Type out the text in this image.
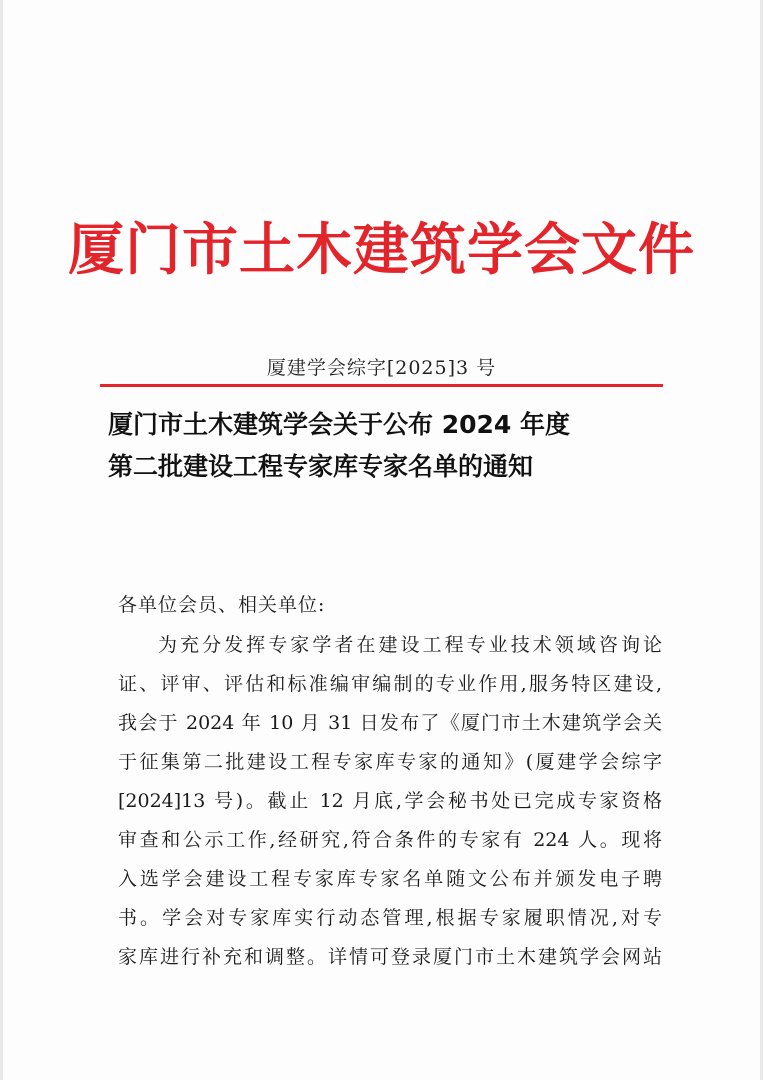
厦门市土木建筑学会文件
厦建学会综字[2025]3 号
厦门市土木建筑学会关于公布 2024 年度
第二批建设工程专家库专家名单的通知
各单位会员、相关单位:
为充分发挥专家学者在建设工程专业技术领域咨询论
证、评审、评估和标准编审编制的专业作用,服务特区建设,
我会于 2024 年 10 月 31 日发布了《厦门市土木建筑学会关
于征集第二批建设工程专家库专家的通知》(厦建学会综字
[2024]13 号)。截止 12 月底,学会秘书处已完成专家资格
审查和公示工作,经研究,符合条件的专家有 224 人。现将
入选学会建设工程专家库专家名单随文公布并颁发电子聘
书。学会对专家库实行动态管理,根据专家履职情况,对专
家库进行补充和调整。详情可登录厦门市土木建筑学会网站
